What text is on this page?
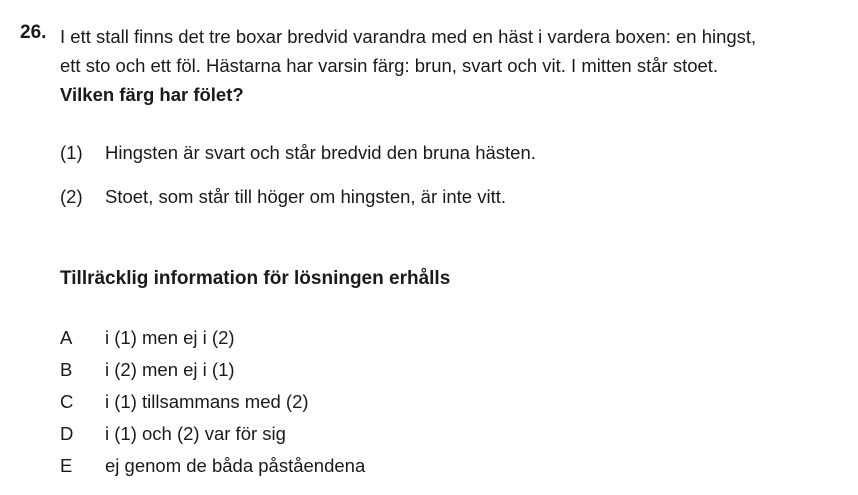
26. I ett stall finns det tre boxar bredvid varandra med en häst i vardera boxen: en hingst,

ett sto och ett föl. Hästarna har varsin färg: brun, svart och vit. I mitten står stoet.

Vilken färg har fölet?

(1) Hingsten är svart och står bredvid den bruna hästen.
(2) Stoet, som står till höger om hingsten, är inte vitt.
Tillräcklig information för lösningen erhålls
A i (1) men ej i (2)
B i (2) men ej i (1)
C i (1) tillsammans med (2)
D i (1) och (2) var för sig
E ej genom de båda påståendena
